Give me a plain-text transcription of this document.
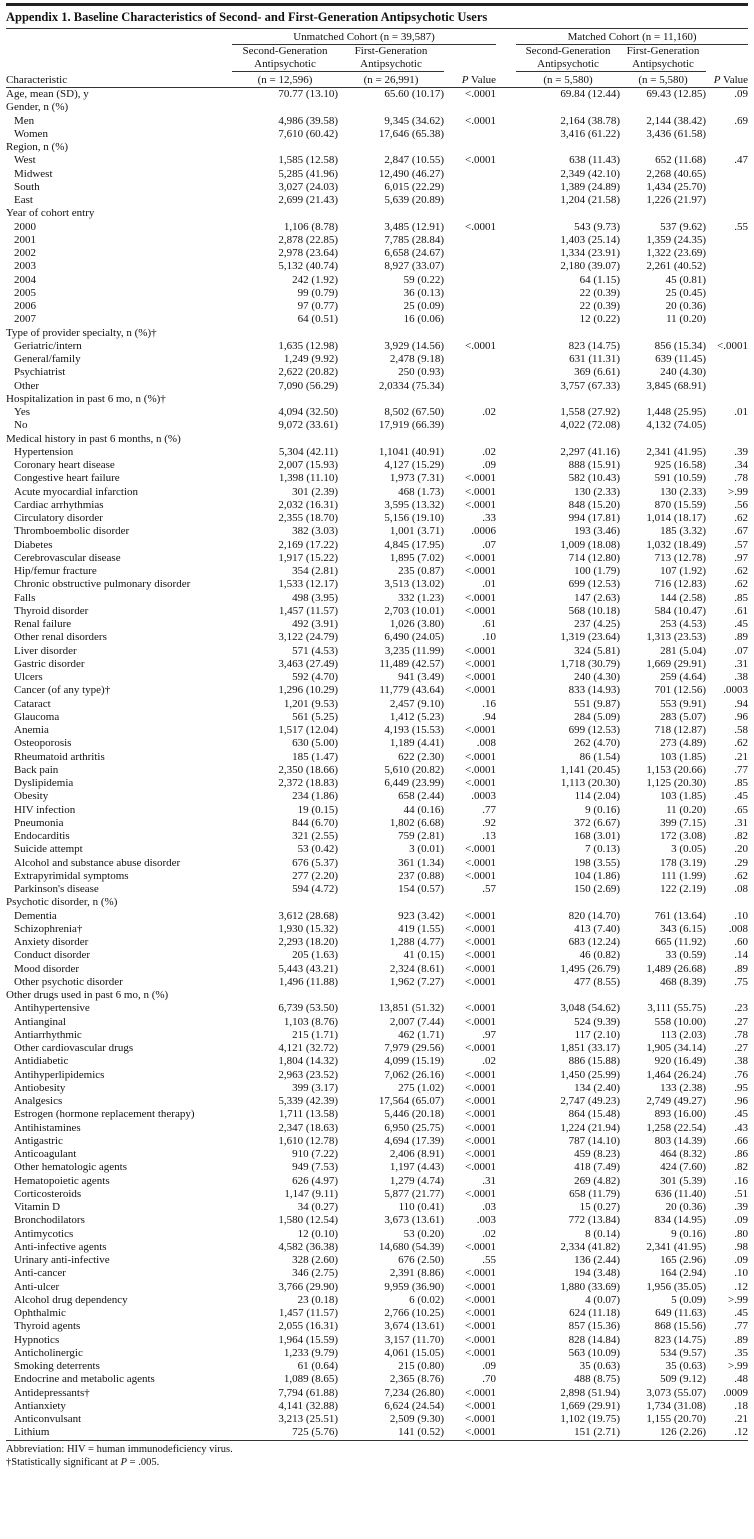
Appendix 1. Baseline Characteristics of Second- and First-Generation Antipsychotic Users
	Unmatched Cohort (n = 39,587)				Matched Cohort (n = 11,160)		
	Second-Generation
Antipsychotic	First-Generation
Antipsychotic			Second-Generation
Antipsychotic	First-Generation
Antipsychotic	
Characteristic	(n = 12,596)	(n = 26,991)	P Value		(n = 5,580)	(n = 5,580)	P Value
Age, mean (SD), y	70.77 (13.10)	65.60 (10.17)	<.0001		69.84 (12.44)	69.43 (12.85)	.09
Gender, n (%)							
Men	4,986 (39.58)	9,345 (34.62)	<.0001		2,164 (38.78)	2,144 (38.42)	.69
Women	7,610 (60.42)	17,646 (65.38)			3,416 (61.22)	3,436 (61.58)	
Region, n (%)							
West	1,585 (12.58)	2,847 (10.55)	<.0001		638 (11.43)	652 (11.68)	.47
Midwest	5,285 (41.96)	12,490 (46.27)			2,349 (42.10)	2,268 (40.65)	
South	3,027 (24.03)	6,015 (22.29)			1,389 (24.89)	1,434 (25.70)	
East	2,699 (21.43)	5,639 (20.89)			1,204 (21.58)	1,226 (21.97)	
Year of cohort entry							
2000	1,106 (8.78)	3,485 (12.91)	<.0001		543 (9.73)	537 (9.62)	.55
2001	2,878 (22.85)	7,785 (28.84)			1,403 (25.14)	1,359 (24.35)	
2002	2,978 (23.64)	6,658 (24.67)			1,334 (23.91)	1,322 (23.69)	
2003	5,132 (40.74)	8,927 (33.07)			2,180 (39.07)	2,261 (40.52)	
2004	242 (1.92)	59 (0.22)			64 (1.15)	45 (0.81)	
2005	99 (0.79)	36 (0.13)			22 (0.39)	25 (0.45)	
2006	97 (0.77)	25 (0.09)			22 (0.39)	20 (0.36)	
2007	64 (0.51)	16 (0.06)			12 (0.22)	11 (0.20)	
Type of provider specialty, n (%)†							
Geriatric/intern	1,635 (12.98)	3,929 (14.56)	<.0001		823 (14.75)	856 (15.34)	<.0001
General/family	1,249 (9.92)	2,478 (9.18)			631 (11.31)	639 (11.45)	
Psychiatrist	2,622 (20.82)	250 (0.93)			369 (6.61)	240 (4.30)	
Other	7,090 (56.29)	2,0334 (75.34)			3,757 (67.33)	3,845 (68.91)	
Hospitalization in past 6 mo, n (%)†							
Yes	4,094 (32.50)	8,502 (67.50)	.02		1,558 (27.92)	1,448 (25.95)	.01
No	9,072 (33.61)	17,919 (66.39)			4,022 (72.08)	4,132 (74.05)	
Medical history in past 6 months, n (%)							
Hypertension	5,304 (42.11)	1,1041 (40.91)	.02		2,297 (41.16)	2,341 (41.95)	.39
Coronary heart disease	2,007 (15.93)	4,127 (15.29)	.09		888 (15.91)	925 (16.58)	.34
Congestive heart failure	1,398 (11.10)	1,973 (7.31)	<.0001		582 (10.43)	591 (10.59)	.78
Acute myocardial infarction	301 (2.39)	468 (1.73)	<.0001		130 (2.33)	130 (2.33)	>.99
Cardiac arrhythmias	2,032 (16.31)	3,595 (13.32)	<.0001		848 (15.20)	870 (15.59)	.56
Circulatory disorder	2,355 (18.70)	5,156 (19.10)	.33		994 (17.81)	1,014 (18.17)	.62
Thromboembolic disorder	382 (3.03)	1,001 (3.71)	.0006		193 (3.46)	185 (3.32)	.67
Diabetes	2,169 (17.22)	4,845 (17.95)	.07		1,009 (18.08)	1,032 (18.49)	.57
Cerebrovascular disease	1,917 (15.22)	1,895 (7.02)	<.0001		714 (12.80)	713 (12.78)	.97
Hip/femur fracture	354 (2.81)	235 (0.87)	<.0001		100 (1.79)	107 (1.92)	.62
Chronic obstructive pulmonary disorder	1,533 (12.17)	3,513 (13.02)	.01		699 (12.53)	716 (12.83)	.62
Falls	498 (3.95)	332 (1.23)	<.0001		147 (2.63)	144 (2.58)	.85
Thyroid disorder	1,457 (11.57)	2,703 (10.01)	<.0001		568 (10.18)	584 (10.47)	.61
Renal failure	492 (3.91)	1,026 (3.80)	.61		237 (4.25)	253 (4.53)	.45
Other renal disorders	3,122 (24.79)	6,490 (24.05)	.10		1,319 (23.64)	1,313 (23.53)	.89
Liver disorder	571 (4.53)	3,235 (11.99)	<.0001		324 (5.81)	281 (5.04)	.07
Gastric disorder	3,463 (27.49)	11,489 (42.57)	<.0001		1,718 (30.79)	1,669 (29.91)	.31
Ulcers	592 (4.70)	941 (3.49)	<.0001		240 (4.30)	259 (4.64)	.38
Cancer (of any type)†	1,296 (10.29)	11,779 (43.64)	<.0001		833 (14.93)	701 (12.56)	.0003
Cataract	1,201 (9.53)	2,457 (9.10)	.16		551 (9.87)	553 (9.91)	.94
Glaucoma	561 (5.25)	1,412 (5.23)	.94		284 (5.09)	283 (5.07)	.96
Anemia	1,517 (12.04)	4,193 (15.53)	<.0001		699 (12.53)	718 (12.87)	.58
Osteoporosis	630 (5.00)	1,189 (4.41)	.008		262 (4.70)	273 (4.89)	.62
Rheumatoid arthritis	185 (1.47)	622 (2.30)	<.0001		86 (1.54)	103 (1.85)	.21
Back pain	2,350 (18.66)	5,610 (20.82)	<.0001		1,141 (20.45)	1,153 (20.66)	.77
Dyslipidemia	2,372 (18.83)	6,449 (23.99)	<.0001		1,113 (20.30)	1,125 (20.30)	.85
Obesity	234 (1.86)	658 (2.44)	.0003		114 (2.04)	103 (1.85)	.45
HIV infection	19 (0.15)	44 (0.16)	.77		9 (0.16)	11 (0.20)	.65
Pneumonia	844 (6.70)	1,802 (6.68)	.92		372 (6.67)	399 (7.15)	.31
Endocarditis	321 (2.55)	759 (2.81)	.13		168 (3.01)	172 (3.08)	.82
Suicide attempt	53 (0.42)	3 (0.01)	<.0001		7 (0.13)	3 (0.05)	.20
Alcohol and substance abuse disorder	676 (5.37)	361 (1.34)	<.0001		198 (3.55)	178 (3.19)	.29
Extrapyrimidal symptoms	277 (2.20)	237 (0.88)	<.0001		104 (1.86)	111 (1.99)	.62
Parkinson's disease	594 (4.72)	154 (0.57)	.57		150 (2.69)	122 (2.19)	.08
Psychotic disorder, n (%)							
Dementia	3,612 (28.68)	923 (3.42)	<.0001		820 (14.70)	761 (13.64)	.10
Schizophrenia†	1,930 (15.32)	419 (1.55)	<.0001		413 (7.40)	343 (6.15)	.008
Anxiety disorder	2,293 (18.20)	1,288 (4.77)	<.0001		683 (12.24)	665 (11.92)	.60
Conduct disorder	205 (1.63)	41 (0.15)	<.0001		46 (0.82)	33 (0.59)	.14
Mood disorder	5,443 (43.21)	2,324 (8.61)	<.0001		1,495 (26.79)	1,489 (26.68)	.89
Other psychotic disorder	1,496 (11.88)	1,962 (7.27)	<.0001		477 (8.55)	468 (8.39)	.75
Other drugs used in past 6 mo, n (%)							
Antihypertensive	6,739 (53.50)	13,851 (51.32)	<.0001		3,048 (54.62)	3,111 (55.75)	.23
Antianginal	1,103 (8.76)	2,007 (7.44)	<.0001		524 (9.39)	558 (10.00)	.27
Antiarrhythmic	215 (1.71)	462 (1.71)	.97		117 (2.10)	113 (2.03)	.78
Other cardiovascular drugs	4,121 (32.72)	7,979 (29.56)	<.0001		1,851 (33.17)	1,905 (34.14)	.27
Antidiabetic	1,804 (14.32)	4,099 (15.19)	.02		886 (15.88)	920 (16.49)	.38
Antihyperlipidemics	2,963 (23.52)	7,062 (26.16)	<.0001		1,450 (25.99)	1,464 (26.24)	.76
Antiobesity	399 (3.17)	275 (1.02)	<.0001		134 (2.40)	133 (2.38)	.95
Analgesics	5,339 (42.39)	17,564 (65.07)	<.0001		2,747 (49.23)	2,749 (49.27)	.96
Estrogen (hormone replacement therapy)	1,711 (13.58)	5,446 (20.18)	<.0001		864 (15.48)	893 (16.00)	.45
Antihistamines	2,347 (18.63)	6,950 (25.75)	<.0001		1,224 (21.94)	1,258 (22.54)	.43
Antigastric	1,610 (12.78)	4,694 (17.39)	<.0001		787 (14.10)	803 (14.39)	.66
Anticoagulant	910 (7.22)	2,406 (8.91)	<.0001		459 (8.23)	464 (8.32)	.86
Other hematologic agents	949 (7.53)	1,197 (4.43)	<.0001		418 (7.49)	424 (7.60)	.82
Hematopoietic agents	626 (4.97)	1,279 (4.74)	.31		269 (4.82)	301 (5.39)	.16
Corticosteroids	1,147 (9.11)	5,877 (21.77)	<.0001		658 (11.79)	636 (11.40)	.51
Vitamin D	34 (0.27)	110 (0.41)	.03		15 (0.27)	20 (0.36)	.39
Bronchodilators	1,580 (12.54)	3,673 (13.61)	.003		772 (13.84)	834 (14.95)	.09
Antimycotics	12 (0.10)	53 (0.20)	.02		8 (0.14)	9 (0.16)	.80
Anti-infective agents	4,582 (36.38)	14,680 (54.39)	<.0001		2,334 (41.82)	2,341 (41.95)	.98
Urinary anti-infective	328 (2.60)	676 (2.50)	.55		136 (2.44)	165 (2.96)	.09
Anti-cancer	346 (2.75)	2,391 (8.86)	<.0001		194 (3.48)	164 (2.94)	.10
Anti-ulcer	3,766 (29.90)	9,959 (36.90)	<.0001		1,880 (33.69)	1,956 (35.05)	.12
Alcohol drug dependency	23 (0.18)	6 (0.02)	<.0001		4 (0.07)	5 (0.09)	>.99
Ophthalmic	1,457 (11.57)	2,766 (10.25)	<.0001		624 (11.18)	649 (11.63)	.45
Thyroid agents	2,055 (16.31)	3,674 (13.61)	<.0001		857 (15.36)	868 (15.56)	.77
Hypnotics	1,964 (15.59)	3,157 (11.70)	<.0001		828 (14.84)	823 (14.75)	.89
Anticholinergic	1,233 (9.79)	4,061 (15.05)	<.0001		563 (10.09)	534 (9.57)	.35
Smoking deterrents	61 (0.64)	215 (0.80)	.09		35 (0.63)	35 (0.63)	>.99
Endocrine and metabolic agents	1,089 (8.65)	2,365 (8.76)	.70		488 (8.75)	509 (9.12)	.48
Antidepressants†	7,794 (61.88)	7,234 (26.80)	<.0001		2,898 (51.94)	3,073 (55.07)	.0009
Antianxiety	4,141 (32.88)	6,624 (24.54)	<.0001		1,669 (29.91)	1,734 (31.08)	.18
Anticonvulsant	3,213 (25.51)	2,509 (9.30)	<.0001		1,102 (19.75)	1,155 (20.70)	.21
Lithium	725 (5.76)	141 (0.52)	<.0001		151 (2.71)	126 (2.26)	.12
Abbreviation: HIV = human immunodeficiency virus.
†Statistically significant at P = .005.
